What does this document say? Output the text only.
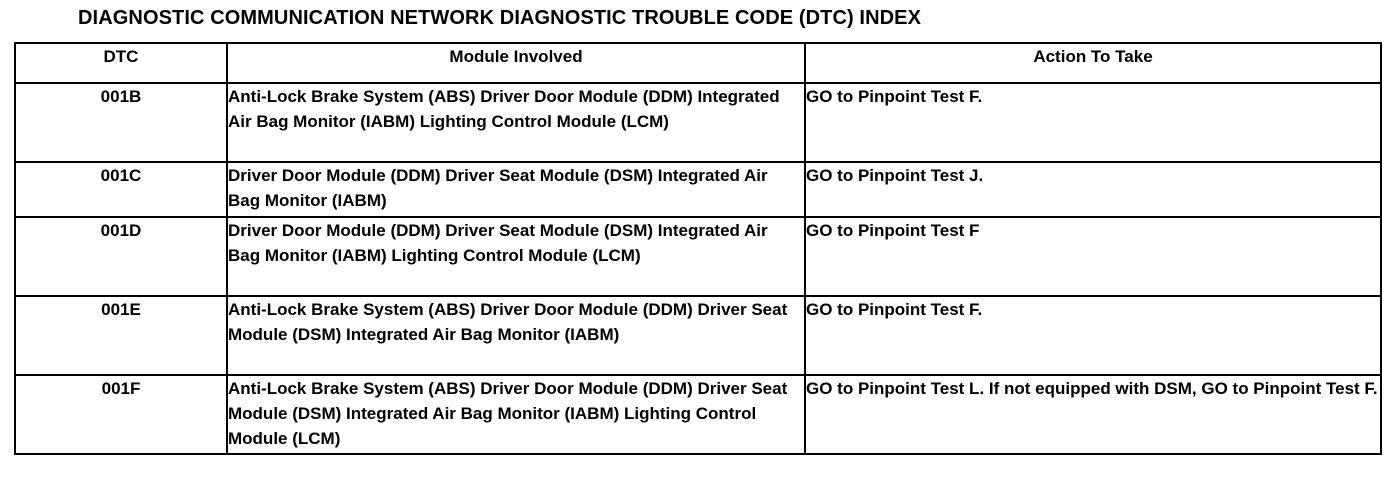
DIAGNOSTIC COMMUNICATION NETWORK DIAGNOSTIC TROUBLE CODE (DTC) INDEX
DTC	Module Involved	Action To Take
001B	Anti-Lock Brake System (ABS) Driver Door Module (DDM) Integrated Air Bag Monitor (IABM) Lighting Control Module (LCM)	GO to Pinpoint Test F.
001C	Driver Door Module (DDM) Driver Seat Module (DSM) Integrated Air Bag Monitor (IABM)	GO to Pinpoint Test J.
001D	Driver Door Module (DDM) Driver Seat Module (DSM) Integrated Air Bag Monitor (IABM) Lighting Control Module (LCM)	GO to Pinpoint Test F
001E	Anti-Lock Brake System (ABS) Driver Door Module (DDM) Driver Seat Module (DSM) Integrated Air Bag Monitor (IABM)	GO to Pinpoint Test F.
001F	Anti-Lock Brake System (ABS) Driver Door Module (DDM) Driver Seat Module (DSM) Integrated Air Bag Monitor (IABM) Lighting Control Module (LCM)	GO to Pinpoint Test L. If not equipped with DSM, GO to Pinpoint Test F.
